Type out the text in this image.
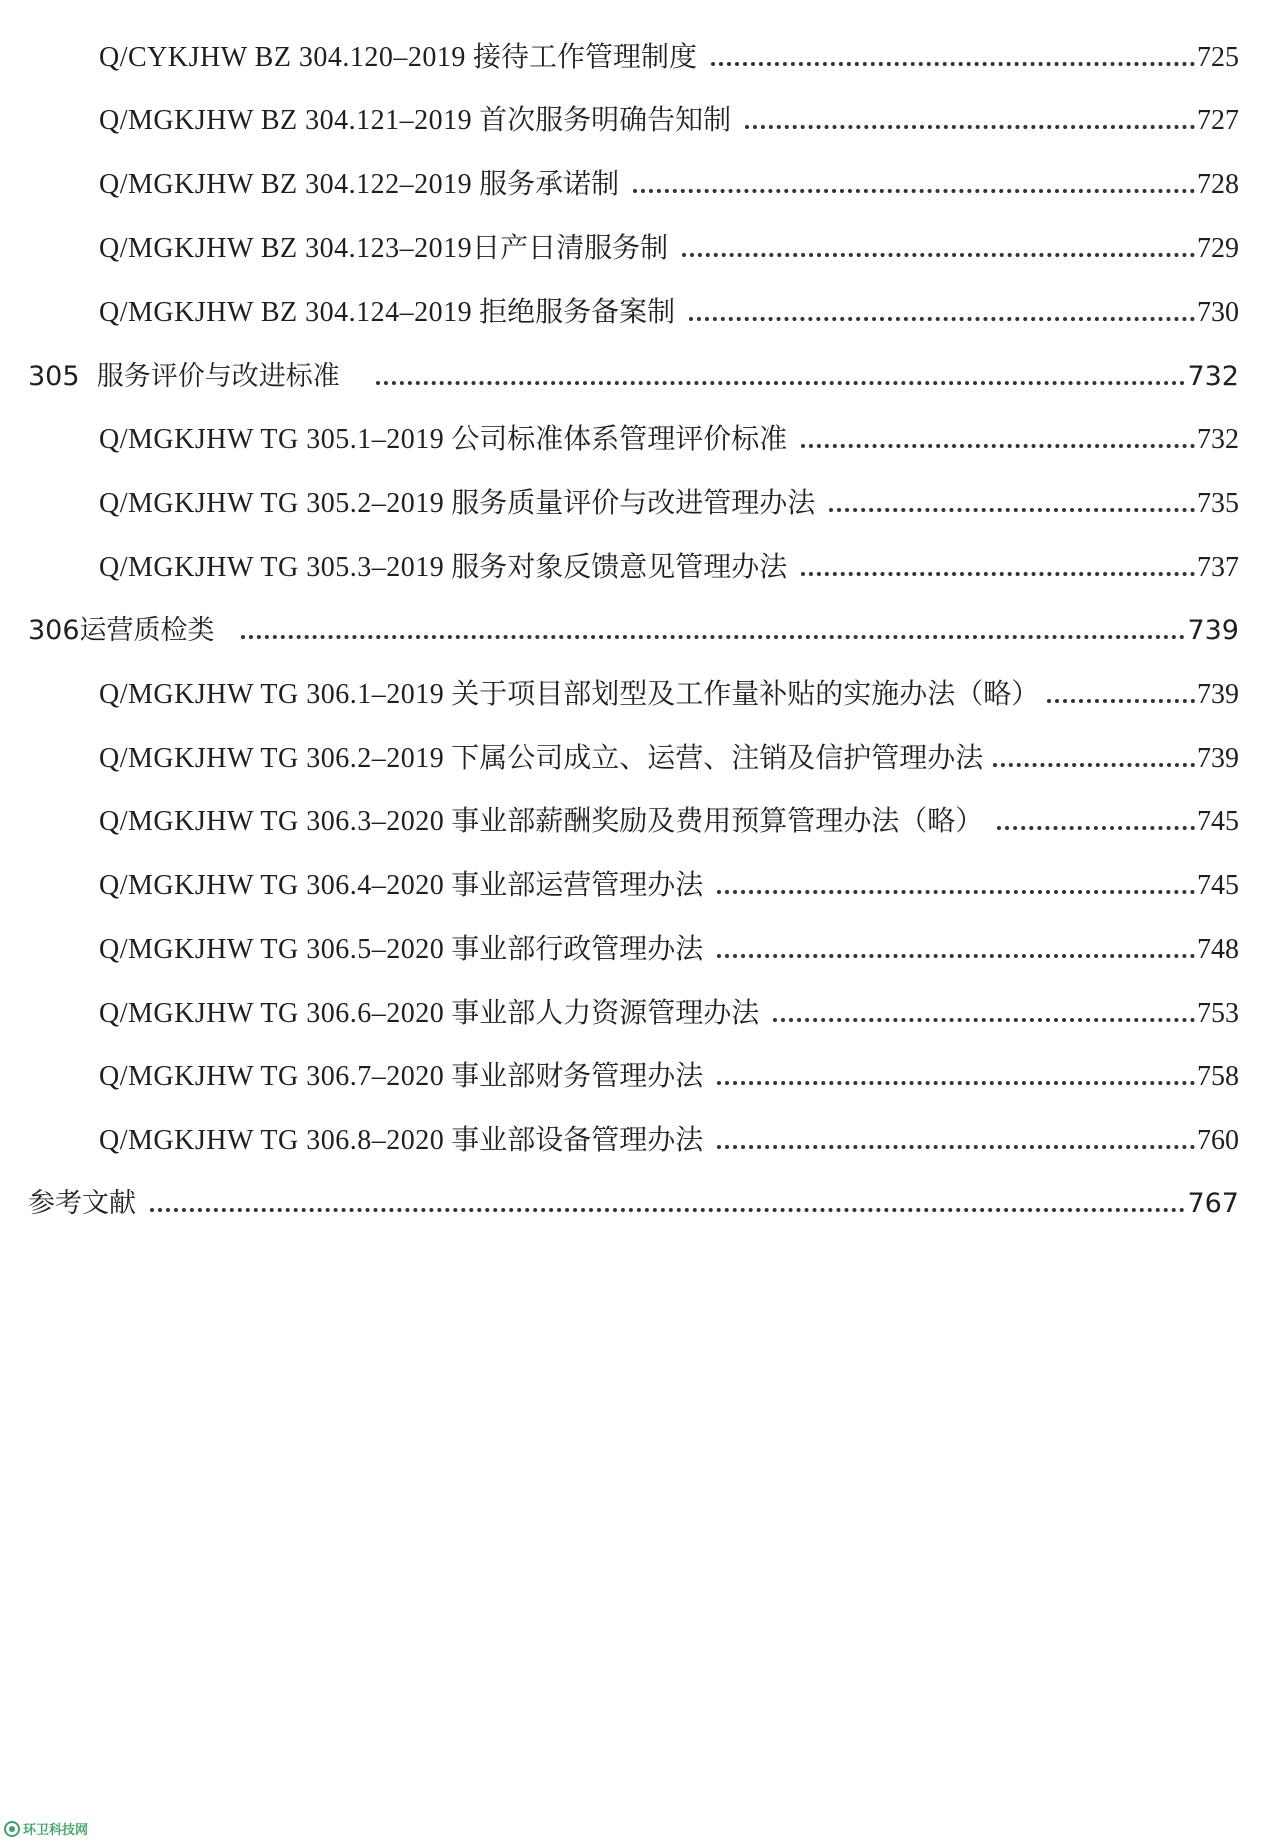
Q/CYKJHW BZ 304.120–2019 接待工作管理制度	725
Q/MGKJHW BZ 304.121–2019 首次服务明确告知制	727
Q/MGKJHW BZ 304.122–2019 服务承诺制	728
Q/MGKJHW BZ 304.123–2019日产日清服务制	729
Q/MGKJHW BZ 304.124–2019 拒绝服务备案制	730
305 服务评价与改进标准	732
Q/MGKJHW TG 305.1–2019 公司标准体系管理评价标准	732
Q/MGKJHW TG 305.2–2019 服务质量评价与改进管理办法	735
Q/MGKJHW TG 305.3–2019 服务对象反馈意见管理办法	737
306运营质检类	739
Q/MGKJHW TG 306.1–2019 关于项目部划型及工作量补贴的实施办法（略）	739
Q/MGKJHW TG 306.2–2019 下属公司成立、运营、注销及信护管理办法	739
Q/MGKJHW TG 306.3–2020 事业部薪酬奖励及费用预算管理办法（略）	745
Q/MGKJHW TG 306.4–2020 事业部运营管理办法	745
Q/MGKJHW TG 306.5–2020 事业部行政管理办法	748
Q/MGKJHW TG 306.6–2020 事业部人力资源管理办法	753
Q/MGKJHW TG 306.7–2020 事业部财务管理办法	758
Q/MGKJHW TG 306.8–2020 事业部设备管理办法	760
参考文献	767
环卫科技网
